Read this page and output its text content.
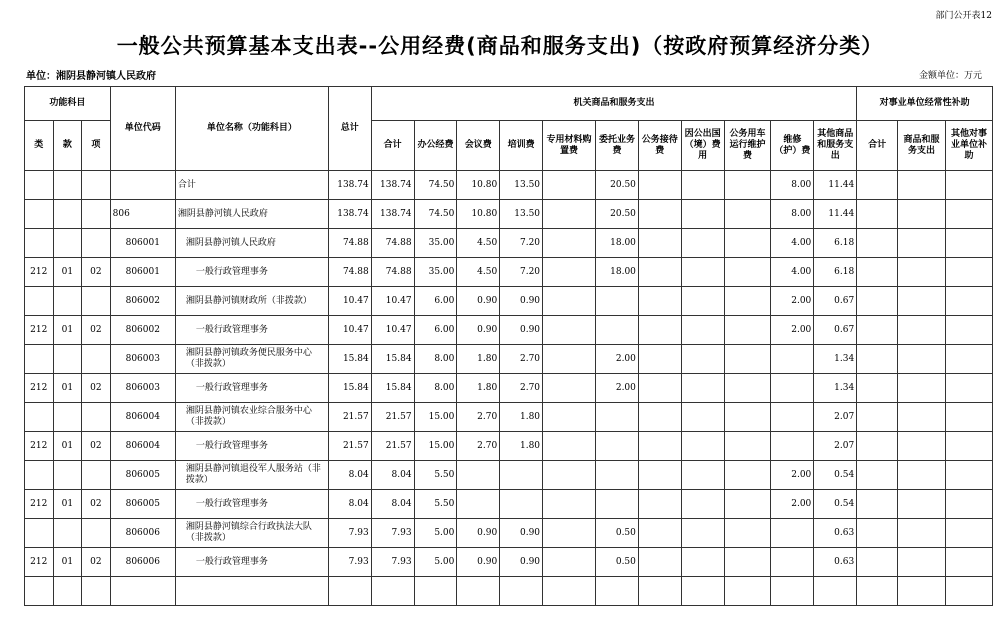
部门公开表12
一般公共预算基本支出表--公用经费(商品和服务支出)（按政府预算经济分类）
单位：湘阴县静河镇人民政府	金额单位：万元
功能科目			单位代码	单位名称（功能科目）	总计	机关商品和服务支出											对事业单位经常性补助		
类	款	项				合计	办公经费	会议费	培训费	专用材料购置费	委托业务费	公务接待费	因公出国（境）费用	公务用车运行维护费	维修（护）费	其他商品和服务支出	合计	商品和服务支出	其他对事业单位补助
				合计	138.74	138.74	74.50	10.80	13.50		20.50				8.00	11.44			
			806	湘阴县静河镇人民政府	138.74	138.74	74.50	10.80	13.50		20.50				8.00	11.44			
			806001	湘阴县静河镇人民政府	74.88	74.88	35.00	4.50	7.20		18.00				4.00	6.18			
212	01	02	806001	一般行政管理事务	74.88	74.88	35.00	4.50	7.20		18.00				4.00	6.18			
			806002	湘阴县静河镇财政所（非拨款）	10.47	10.47	6.00	0.90	0.90						2.00	0.67			
212	01	02	806002	一般行政管理事务	10.47	10.47	6.00	0.90	0.90						2.00	0.67			
			806003	湘阴县静河镇政务便民服务中心（非拨款）	15.84	15.84	8.00	1.80	2.70		2.00					1.34			
212	01	02	806003	一般行政管理事务	15.84	15.84	8.00	1.80	2.70		2.00					1.34			
			806004	湘阴县静河镇农业综合服务中心（非拨款）	21.57	21.57	15.00	2.70	1.80							2.07			
212	01	02	806004	一般行政管理事务	21.57	21.57	15.00	2.70	1.80							2.07			
			806005	湘阴县静河镇退役军人服务站（非拨款）	8.04	8.04	5.50								2.00	0.54			
212	01	02	806005	一般行政管理事务	8.04	8.04	5.50								2.00	0.54			
			806006	湘阴县静河镇综合行政执法大队（非拨款）	7.93	7.93	5.00	0.90	0.90		0.50					0.63			
212	01	02	806006	一般行政管理事务	7.93	7.93	5.00	0.90	0.90		0.50					0.63			
